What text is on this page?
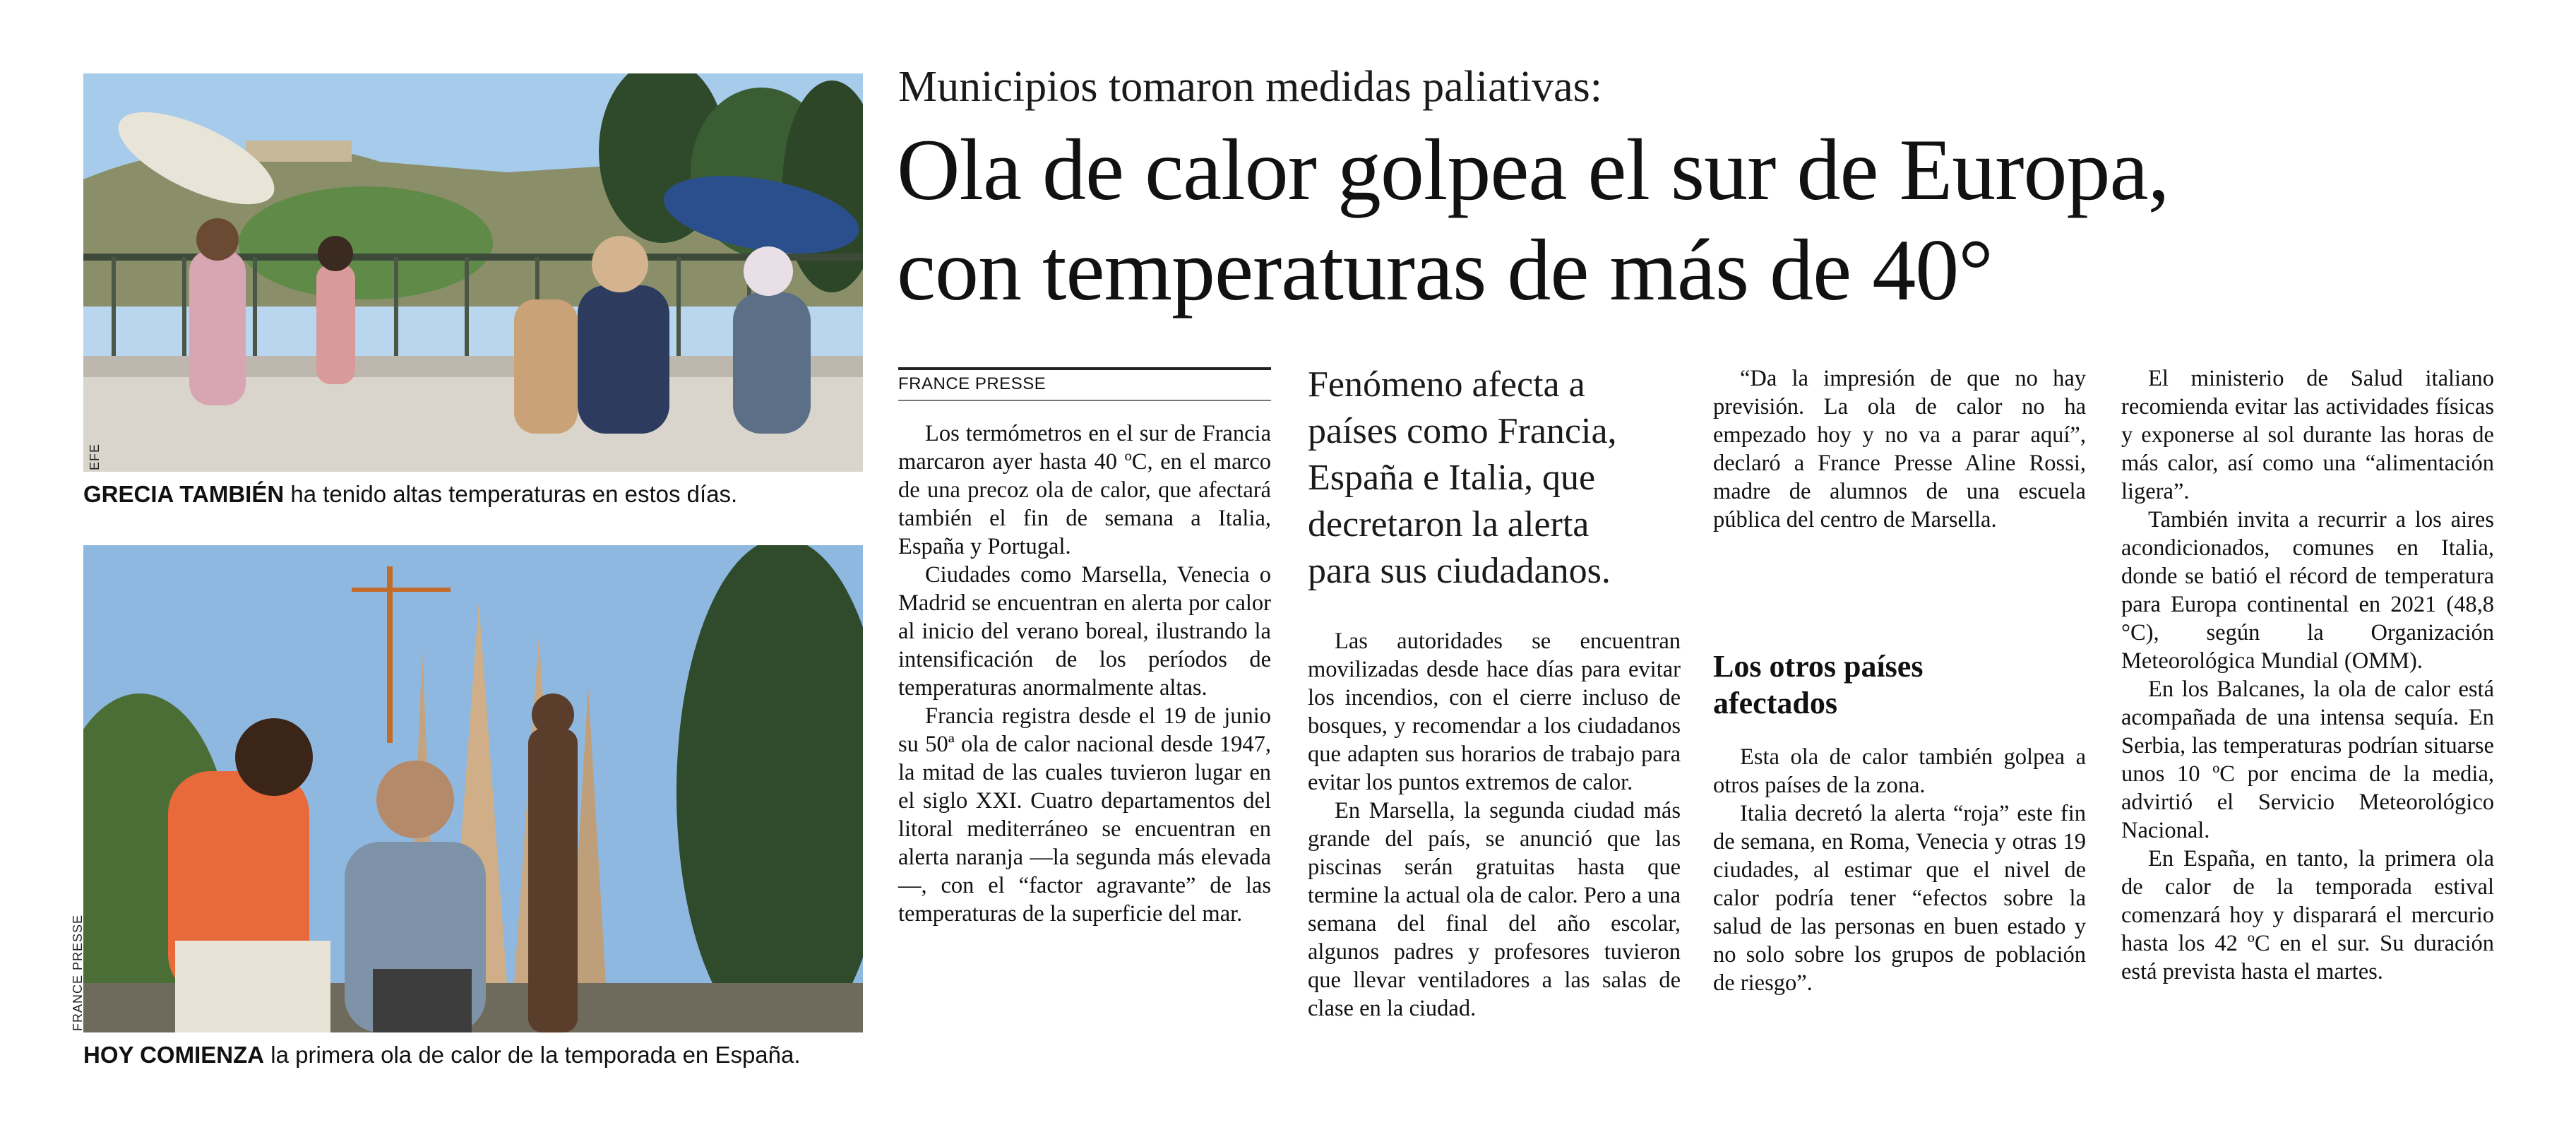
EFE
GRECIA TAMBIÉN ha tenido altas temperaturas en estos días.
FRANCE PRESSE
HOY COMIENZA la primera ola de calor de la temporada en España.
Municipios tomaron medidas paliativas:
Ola de calor golpea el sur de Europa,
con temperaturas de más de 40°
FRANCE PRESSE

Los termómetros en el sur de Francia marcaron ayer hasta 40 ºC, en el marco de una precoz ola de calor, que afectará también el fin de semana a Italia, España y Portugal.

Ciudades como Marsella, Venecia o Madrid se encuentran en alerta por calor al inicio del verano boreal, ilustrando la intensificación de los períodos de temperaturas anormalmente altas.

Francia registra desde el 19 de junio su 50ª ola de calor nacional desde 1947, la mitad de las cuales tuvieron lugar en el siglo XXI. Cuatro departamentos del litoral mediterráneo se encuentran en alerta naranja —la segunda más elevada—, con el “factor agravante” de las temperaturas de la superficie del mar.

Fenómeno afecta a países como Francia, España e Italia, que decretaron la alerta para sus ciudadanos.

Las autoridades se encuentran movilizadas desde hace días para evitar los incendios, con el cierre incluso de bosques, y recomendar a los ciudadanos que adapten sus horarios de trabajo para evitar los puntos extremos de calor.

En Marsella, la segunda ciudad más grande del país, se anunció que las piscinas serán gratuitas hasta que termine la actual ola de calor. Pero a una semana del final del año escolar, algunos padres y profesores tuvieron que llevar ventiladores a las salas de clase en la ciudad.

“Da la impresión de que no hay previsión. La ola de calor no ha empezado hoy y no va a parar aquí”, declaró a France Presse Aline Rossi, madre de alumnos de una escuela pública del centro de Marsella.

Los otros países afectados

Esta ola de calor también golpea a otros países de la zona.

Italia decretó la alerta “roja” este fin de semana, en Roma, Venecia y otras 19 ciudades, al estimar que el nivel de calor podría tener “efectos sobre la salud de las personas en buen estado y no solo sobre los grupos de población de riesgo”.

El ministerio de Salud italiano recomienda evitar las actividades físicas y exponerse al sol durante las horas de más calor, así como una “alimentación ligera”.

También invita a recurrir a los aires acondicionados, comunes en Italia, donde se batió el récord de temperatura para Europa continental en 2021 (48,8 °C), según la Organización Meteorológica Mundial (OMM).

En los Balcanes, la ola de calor está acompañada de una intensa sequía. En Serbia, las temperaturas podrían situarse unos 10 ºC por encima de la media, advirtió el Servicio Meteorológico Nacional.

En España, en tanto, la primera ola de calor de la temporada estival comenzará hoy y disparará el mercurio hasta los 42 ºC en el sur. Su duración está prevista hasta el martes.
